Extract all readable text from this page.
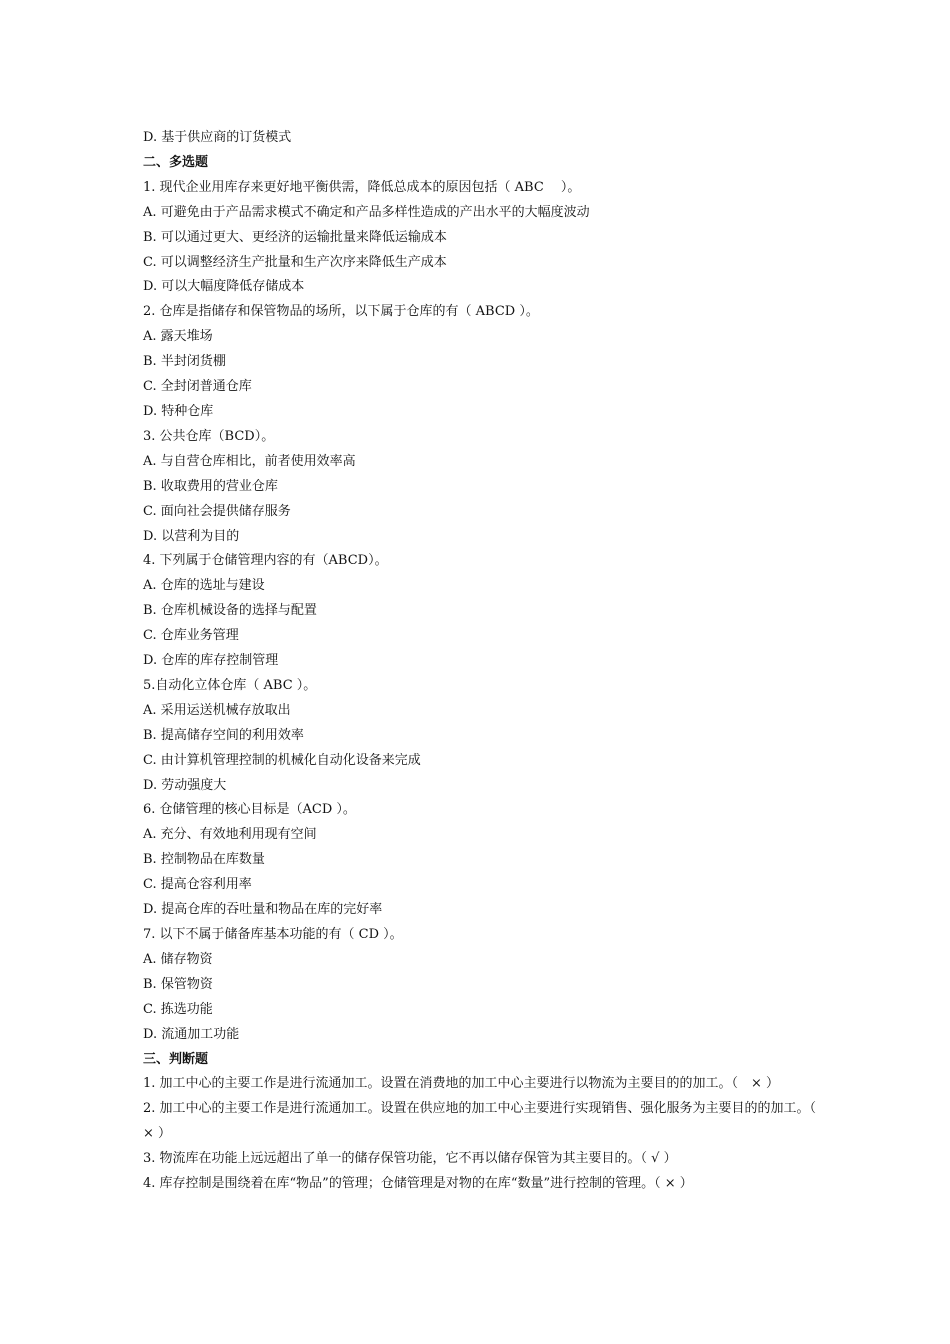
D. 基于供应商的订货模式
二、多选题
1. 现代企业用库存来更好地平衡供需，降低总成本的原因包括（ ABC　 ）。
A. 可避免由于产品需求模式不确定和产品多样性造成的产出水平的大幅度波动
B. 可以通过更大、更经济的运输批量来降低运输成本
C. 可以调整经济生产批量和生产次序来降低生产成本
D. 可以大幅度降低存储成本
2. 仓库是指储存和保管物品的场所，以下属于仓库的有（ ABCD ）。
A. 露天堆场
B. 半封闭货棚
C. 全封闭普通仓库
D. 特种仓库
3. 公共仓库（BCD）。
A. 与自营仓库相比，前者使用效率高
B. 收取费用的营业仓库
C. 面向社会提供储存服务
D. 以营利为目的
4. 下列属于仓储管理内容的有（ABCD）。
A. 仓库的选址与建设
B. 仓库机械设备的选择与配置
C. 仓库业务管理
D. 仓库的库存控制管理
5.自动化立体仓库（ ABC ）。
A. 采用运送机械存放取出
B. 提高储存空间的利用效率
C. 由计算机管理控制的机械化自动化设备来完成
D. 劳动强度大
6. 仓储管理的核心目标是（ACD ）。
A. 充分、有效地利用现有空间
B. 控制物品在库数量
C. 提高仓容利用率
D. 提高仓库的吞吐量和物品在库的完好率
7. 以下不属于储备库基本功能的有（ CD ）。
A. 储存物资
B. 保管物资
C. 拣选功能
D. 流通加工功能
三、判断题
1. 加工中心的主要工作是进行流通加工。设置在消费地的加工中心主要进行以物流为主要目的的加工。（　× ）
2. 加工中心的主要工作是进行流通加工。设置在供应地的加工中心主要进行实现销售、强化服务为主要目的的加工。（ × ）
3. 物流库在功能上远远超出了单一的储存保管功能，它不再以储存保管为其主要目的。（ √ ）
4. 库存控制是围绕着在库“物品”的管理；仓储管理是对物的在库“数量”进行控制的管理。（ × ）
